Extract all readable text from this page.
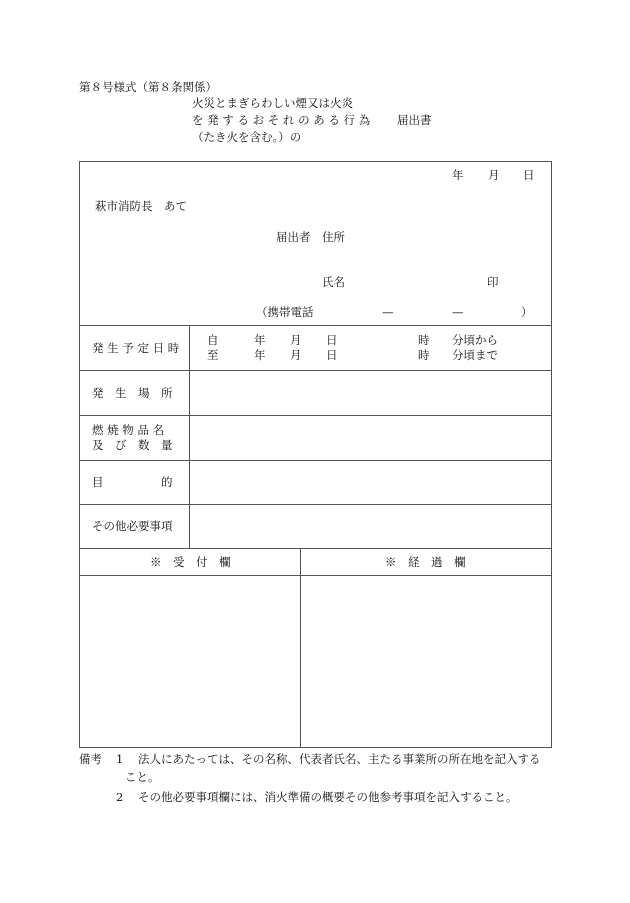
第８号様式（第８条関係）
火災とまぎらわしい煙又は火炎
を 発 す る お そ れ の あ る 行 為
（たき火を含む。）の
届出書
年 月 日
萩市消防長　あて
届出者　住所
氏名	印
（携帯電話	—	—	）
発 生 予 定 日 時
自	年 月 日	時 分頃から
至	年 月 日	時 分頃まで
発　生　場　所
燃 焼 物 品 名
及　び　数　量
目　　　　　的
その他必要事項
※　受　付　欄	※　経　過　欄
備考 1 法人にあたっては、その名称、代表者氏名、主たる事業所の所在地を記入する
こと。
2 その他必要事項欄には、消火準備の概要その他参考事項を記入すること。
